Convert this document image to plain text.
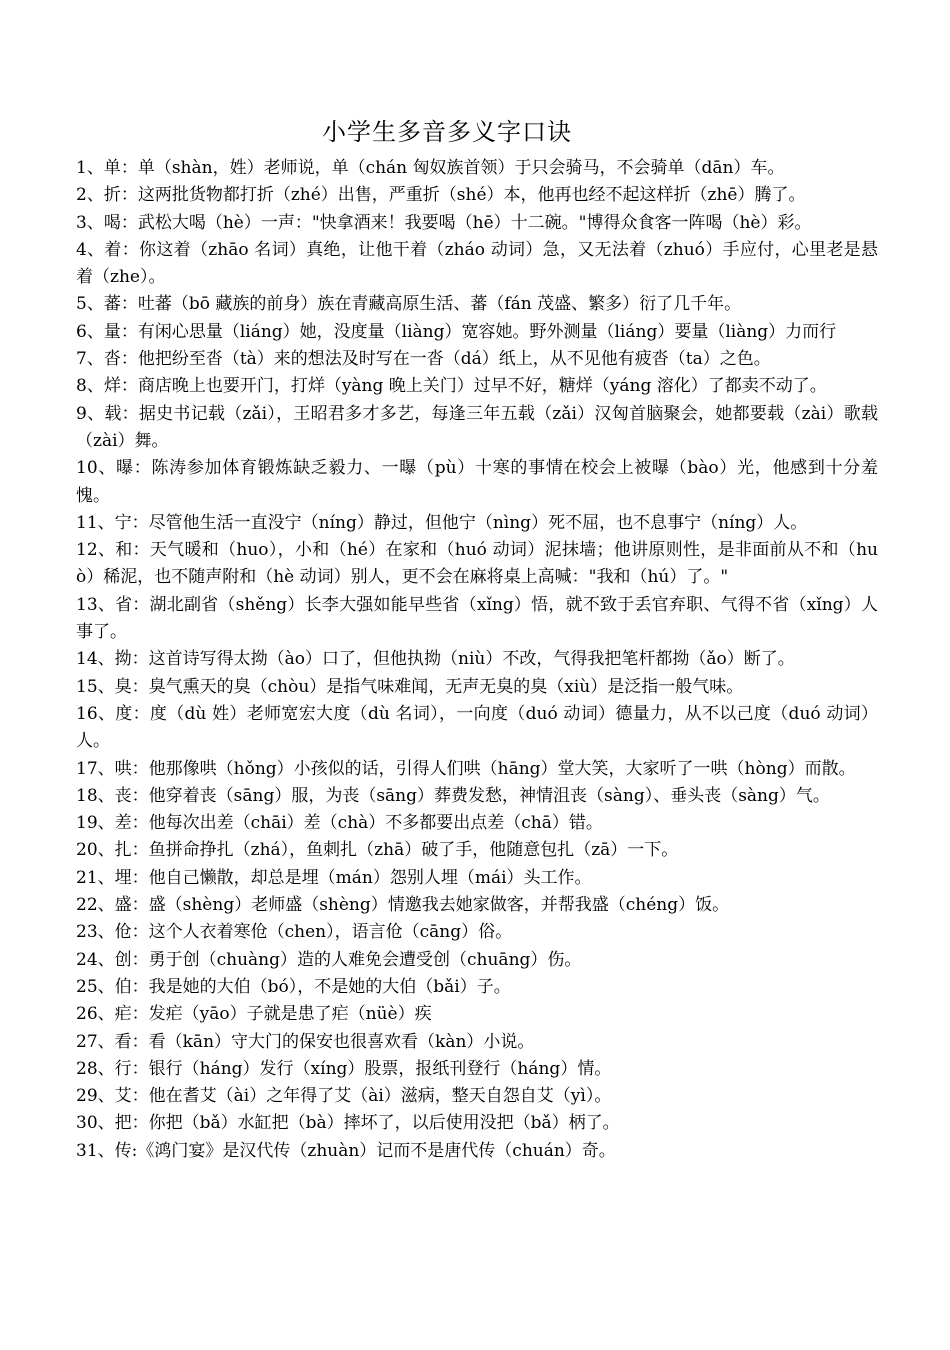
小学生多音多义字口诀
1、单：单（shàn，姓）老师说，单（chán 匈奴族首领）于只会骑马，不会骑单（dān）车。
2、折：这两批货物都打折（zhé）出售，严重折（shé）本，他再也经不起这样折（zhē）腾了。
3、喝：武松大喝（hè）一声："快拿酒来！我要喝（hē）十二碗。"博得众食客一阵喝（hè）彩。
4、着：你这着（zhāo 名词）真绝，让他干着（zháo 动词）急，又无法着（zhuó）手应付，心里老是悬着（zhe）。
5、蕃：吐蕃（bō 藏族的前身）族在青藏高原生活、蕃（fán 茂盛、繁多）衍了几千年。
6、量：有闲心思量（liáng）她，没度量（liàng）宽容她。野外测量（liáng）要量（liàng）力而行
7、沓：他把纷至沓（tà）来的想法及时写在一沓（dá）纸上，从不见他有疲沓（ta）之色。
8、烊：商店晚上也要开门，打烊（yàng 晚上关门）过早不好，糖烊（yáng 溶化）了都卖不动了。
9、载：据史书记载（zǎi），王昭君多才多艺，每逢三年五载（zǎi）汉匈首脑聚会，她都要载（zài）歌载（zài）舞。
10、曝：陈涛参加体育锻炼缺乏毅力、一曝（pù）十寒的事情在校会上被曝（bào）光，他感到十分羞愧。
11、宁：尽管他生活一直没宁（níng）静过，但他宁（nìng）死不屈，也不息事宁（níng）人。
12、和：天气暖和（huo），小和（hé）在家和（huó 动词）泥抹墙；他讲原则性，是非面前从不和（huò）稀泥，也不随声附和（hè 动词）别人，更不会在麻将桌上高喊："我和（hú）了。"
13、省：湖北副省（shěng）长李大强如能早些省（xǐng）悟，就不致于丢官弃职、气得不省（xǐng）人事了。
14、拗：这首诗写得太拗（ào）口了，但他执拗（niù）不改，气得我把笔杆都拗（ǎo）断了。
15、臭：臭气熏天的臭（chòu）是指气味难闻，无声无臭的臭（xiù）是泛指一般气味。
16、度：度（dù 姓）老师宽宏大度（dù 名词），一向度（duó 动词）德量力，从不以己度（duó 动词）人。
17、哄：他那像哄（hǒng）小孩似的话，引得人们哄（hāng）堂大笑，大家听了一哄（hòng）而散。
18、丧：他穿着丧（sāng）服，为丧（sāng）葬费发愁，神情沮丧（sàng）、垂头丧（sàng）气。
19、差：他每次出差（chāi）差（chà）不多都要出点差（chā）错。
20、扎：鱼拼命挣扎（zhá），鱼刺扎（zhā）破了手，他随意包扎（zā）一下。
21、埋：他自己懒散，却总是埋（mán）怨别人埋（mái）头工作。
22、盛：盛（shèng）老师盛（shèng）情邀我去她家做客，并帮我盛（chéng）饭。
23、伧：这个人衣着寒伧（chen），语言伧（cāng）俗。
24、创：勇于创（chuàng）造的人难免会遭受创（chuāng）伤。
25、伯：我是她的大伯（bó），不是她的大伯（bǎi）子。
26、疟：发疟（yāo）子就是患了疟（nüè）疾
27、看：看（kān）守大门的保安也很喜欢看（kàn）小说。
28、行：银行（háng）发行（xíng）股票，报纸刊登行（háng）情。
29、艾：他在耆艾（ài）之年得了艾（ài）滋病，整天自怨自艾（yì）。
30、把：你把（bǎ）水缸把（bà）摔坏了，以后使用没把（bǎ）柄了。
31、传:《鸿门宴》是汉代传（zhuàn）记而不是唐代传（chuán）奇。
